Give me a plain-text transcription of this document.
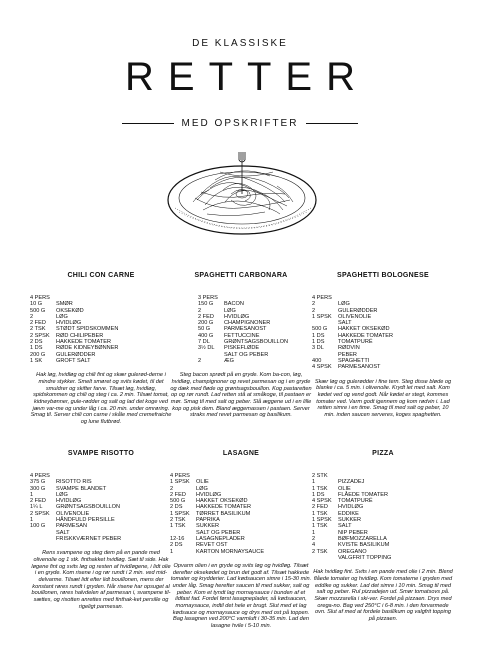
DE KLASSISKE
RETTER
MED OPSKRIFTER
CHILI CON CARNE
4 PERS
10 G	SMØR
500 G	OKSEKØD
2	LØG
2 FED	HVIDLØG
2 TSK	STØDT SPIDSKOMMEN
2 SPSK	RØD CHILIPEBER
2 DS	HAKKEDE TOMATER
1 DS	RØDE KIDNEYBØNNER
200 G	GULERØDDER
1 SK	GROFT SALT
Hak løg, hvidløg og chili fint og skær gulerød-derne i mindre stykker. Smelt smøret og svits kødet, til det smuldrer og skifter farve. Tilsæt løg, hvidløg, spidskommen og chili og steg i ca. 2 min. Tilsæt tomat, kidneybønner, gule-rødder og salt og lad det koge ved jævn var-me og under låg i ca. 20 min. under omrøring. Smag til. Server chili con carne i skåle med cremefraiche og lune flutbrød.
SPAGHETTI CARBONARA
3 PERS
150 G	BACON
2	LØG
2 FED	HVIDLØG
200 G	CHAMPIGNONER
50 G	PARMESANOST
400 G	FETTUCCINE
7 DL	GRØNTSAGSBOUILLON
3½ DL	PISKEFLØDE
SALT OG PEBER
2	ÆG
Steg bacon sprødt på en gryde. Kom ba-con, løg, hvidløg, champignoner og revet parmesan og i en gryde og dæk med fløde og grøntsagsbouillon. Kog pastaretten op og rør rundt. Lad retten stå at småkoge, til pastaen er mør. Smag til med salt og peber. Slå æggene ud i en lille kop og pisk dem. Bland æggemassen i pastaen. Server straks med revet parmesan og basilikum.
SPAGHETTI BOLOGNESE
4 PERS
2	LØG
2	GULERØDDER
1 SPSK	OLIVENOLIE
SALT
500 G	HAKKET OKSEKØD
1 DS	HAKKEDE TOMATER
1 DS	TOMATPURÉ
3 DL	RØDVIN
PEBER
400	SPAGHETTI
4 SPSK	PARMESANOST
Skær løg og gulerødder i fine tern. Steg disse bløde og blanke i ca. 5 min. i olivenolie. Krydt let med salt. Kom kødet ved og vend godt. Når kødet er stegt, kommes tomater ved. Varm godt igennem og kom rødvin i. Lad retten simre i en time. Smag til med salt og peber, 10 min. inden saucen serveres, koges spaghetten.
SVAMPE RISOTTO
4 PERS
375 G	RISOTTO RIS
300 G	SVAMPE BLANDET
1	LØG
2 FED	HVIDLØG
1¼ L	GRØNTSAGSBOUILLON
2 SPSK	OLIVENOLIE
1	HÅNDFULD PERSILLE
100 G	PARMESAN
SALT
FRISKKVÆRNET PEBER
Rens svampene og steg dem på en pande med olivenolie og 1 stk. finthakket hvidløg. Sæt til side. Hak løgene fint og svits løg og resten af hvidløgene, i lidt olie i en gryde. Kom risene i og rør rundt i 2 min. ved mid-delvarme. Tilsæt lidt efter lidt bouillonen, mens der konstant røres rundt i gryden. Når risene har opsuget al bouillonen, røres halvdelen af parmesan i, svampene til-sættes, og risotten anrettes med finthak-ket persille og rigeligt parmesan.
LASAGNE
4 PERS
1 SPSK	OLIE
2	LØG
2 FED	HVIDLØG
500 G	HAKKET OKSEKØD
2 DS	HAKKEDE TOMATER
1 SPSK	TØRRET BASILIKUM
2 TSK	PAPRIKA
1 TSK	SUKKER
SALT OG PEBER
12-16	LASAGNEPLADER
2 DS	REVET OST
1	KARTON MORNAYSAUCE
Opvarm olien i en gryde og svits løg og hvidløg. Tilsæt derefter oksekødet og brun det godt af. Tilsæt hakkede tomater og krydderier. Lad kødsaucen simre i 15-30 min. under låg. Smag herefter saucen til med sukker, salt og peber. Kom et tyndt lag mornaysauce i bunden af et ildfast fad. Fordel først lasagneplader, så kødsaucen, mornaysauce, indtil det hele er brugt. Slut med et lag kødsauce og mornaysauce og drys med ost på toppen. Bag lasagnen ved 200°C varmluft i 30-35 min. Lad den lasagne hvile i 5-10 min.
PIZZA
2 STK
1	PIZZADEJ
1 TSK	OLIE
1 DS	FLÅEDE TOMATER
4 SPSK	TOMATPURÉ
2 FED	HVIDLØG
1 TSK	EDDIKE
1 SPSK	SUKKER
1 TSK	SALT
1	NIP PEBER
2	BØFMOZZARELLA
4	KVISTE BASILIKUM
2 TSK	OREGANO
VALGFRIT TOPPING
Hak hvidløg fint. Svits i en pande med olie i 2 min. Blend flåede tomater og hvidløg. Kom tomaterne i gryden med eddike og sukker. Lad det simre i 10 min. Smag til med salt og peber. Rul pizzadejen ud. Smør tomatsovs på. Skær mozzarella i ski-ver. Fordel på pizzaen. Drys med orega-no. Bag ved 250°C i 6-8 min. i den forvarmede ovn. Slut af med at fordele basilikum og valgfrit topping på pizzaen.
